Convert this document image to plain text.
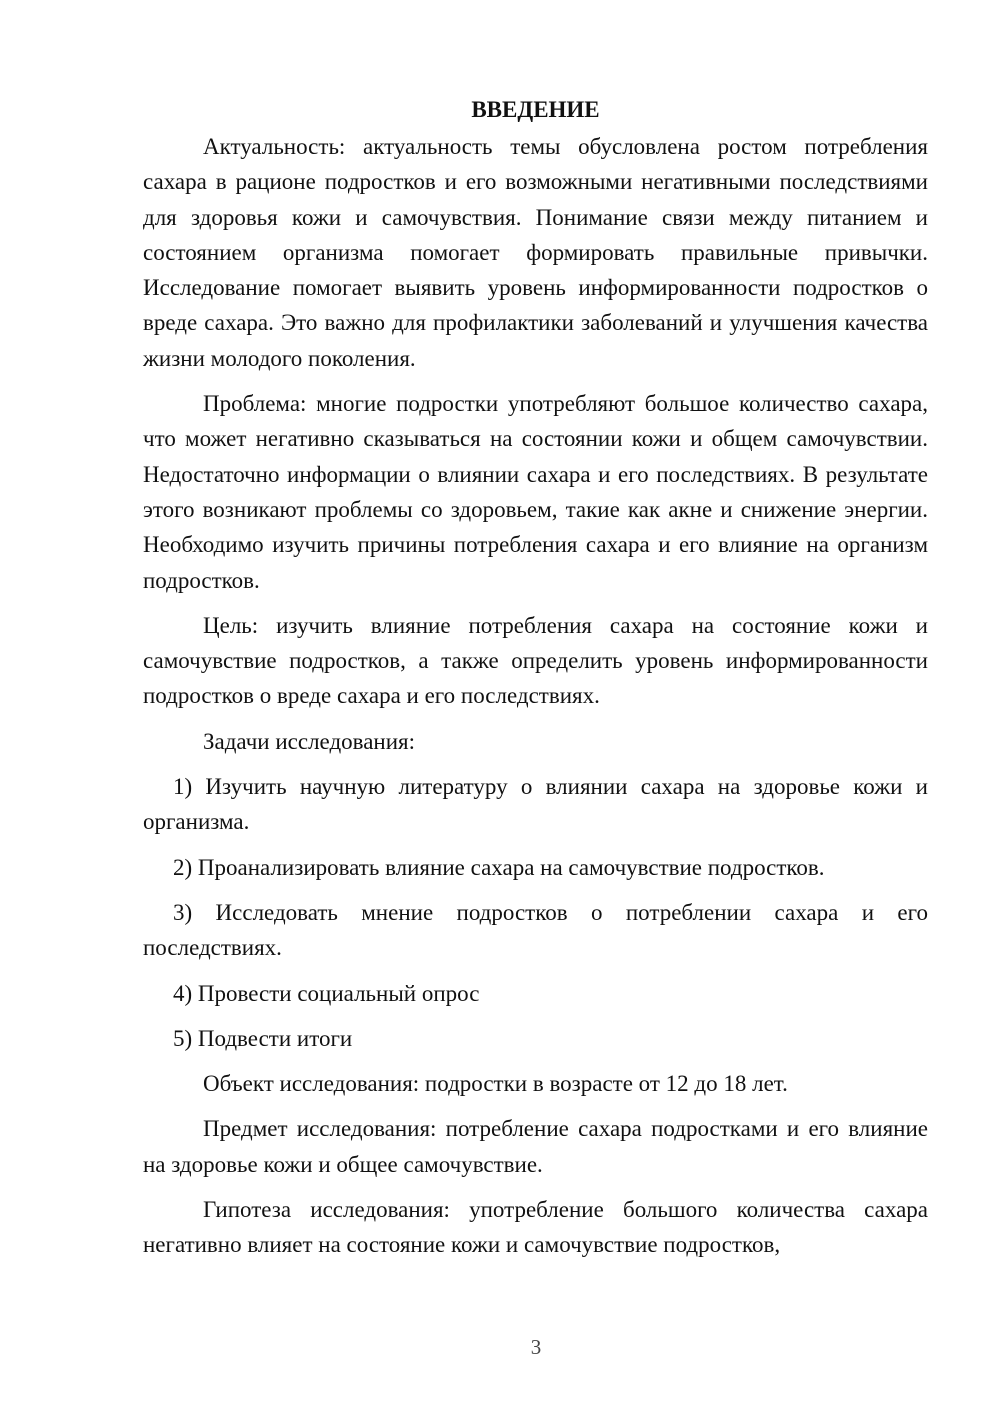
ВВЕДЕНИЕ

Актуальность: актуальность темы обусловлена ростом потребления сахара в рационе подростков и его возможными негативными последствиями для здоровья кожи и самочувствия. Понимание связи между питанием и состоянием организма помогает формировать правильные привычки. Исследование помогает выявить уровень информированности подростков о вреде сахара. Это важно для профилактики заболеваний и улучшения качества жизни молодого поколения.

Проблема: многие подростки употребляют большое количество сахара, что может негативно сказываться на состоянии кожи и общем самочувствии. Недостаточно информации о влиянии сахара и его последствиях. В результате этого возникают проблемы со здоровьем, такие как акне и снижение энергии. Необходимо изучить причины потребления сахара и его влияние на организм подростков.

Цель: изучить влияние потребления сахара на состояние кожи и самочувствие подростков, а также определить уровень информированности подростков о вреде сахара и его последствиях.

Задачи исследования:

1) Изучить научную литературу о влиянии сахара на здоровье кожи и организма.

2) Проанализировать влияние сахара на самочувствие подростков.

3) Исследовать мнение подростков о потреблении сахара и его последствиях.

4) Провести социальный опрос

5) Подвести итоги

Объект исследования: подростки в возрасте от 12 до 18 лет.

Предмет исследования: потребление сахара подростками и его влияние на здоровье кожи и общее самочувствие.

Гипотеза исследования: употребление большого количества сахара негативно влияет на состояние кожи и самочувствие подростков,

3
